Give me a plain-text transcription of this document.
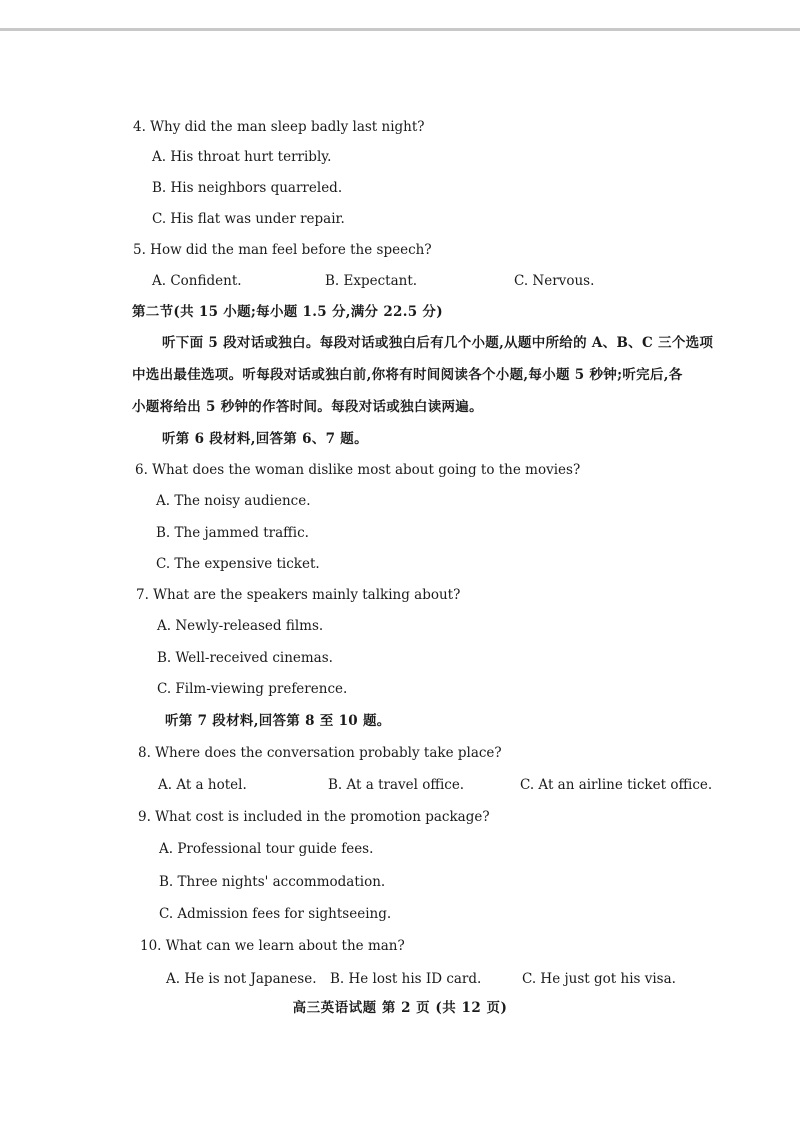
4. Why did the man sleep badly last night?
A. His throat hurt terribly.
B. His neighbors quarreled.
C. His flat was under repair.
5. How did the man feel before the speech?
A. Confident.	B. Expectant.	C. Nervous.
第二节(共 15 小题;每小题 1.5 分,满分 22.5 分)
听下面 5 段对话或独白。每段对话或独白后有几个小题,从题中所给的 A、B、C 三个选项
中选出最佳选项。听每段对话或独白前,你将有时间阅读各个小题,每小题 5 秒钟;听完后,各
小题将给出 5 秒钟的作答时间。每段对话或独白读两遍。
听第 6 段材料,回答第 6、7 题。
6. What does the woman dislike most about going to the movies?
A. The noisy audience.
B. The jammed traffic.
C. The expensive ticket.
7. What are the speakers mainly talking about?
A. Newly-released films.
B. Well-received cinemas.
C. Film-viewing preference.
听第 7 段材料,回答第 8 至 10 题。
8. Where does the conversation probably take place?
A. At a hotel.	B. At a travel office.	C. At an airline ticket office.
9. What cost is included in the promotion package?
A. Professional tour guide fees.
B. Three nights' accommodation.
C. Admission fees for sightseeing.
10. What can we learn about the man?
A. He is not Japanese. B. He lost his ID card.	C. He just got his visa.
高三英语试题 第 2 页 (共 12 页)
